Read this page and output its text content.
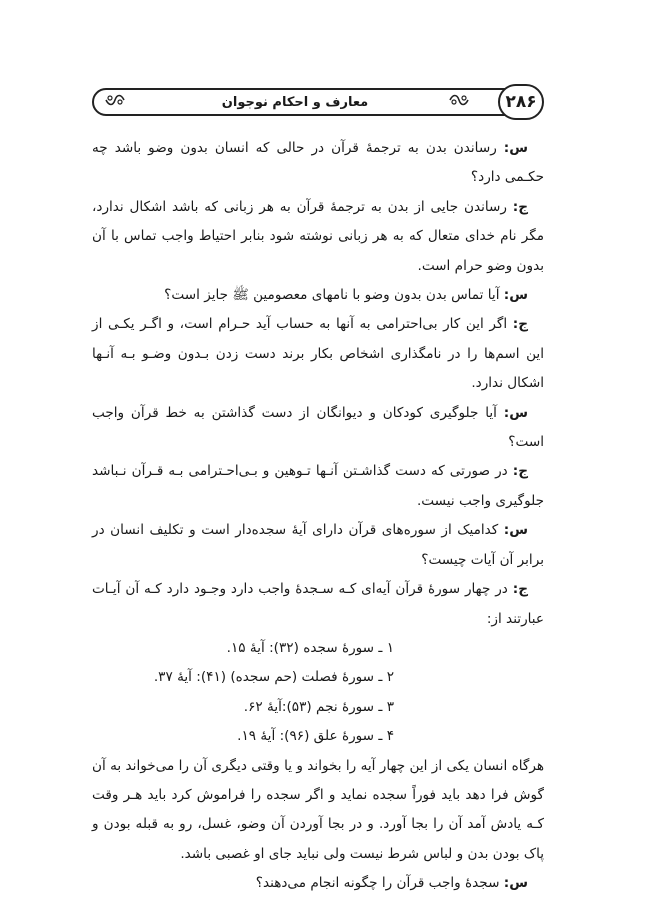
۲۸۶
معارف و احکام نوجوان

س: رساندن بدن به ترجمهٔ قرآن در حالی که انسان بدون وضو باشد چه حکـمی دارد؟

ج: رساندن جایی از بدن به ترجمهٔ قرآن به هر زبانی که باشد اشکال ندارد، مگر نام خدای متعال که به هر زبانی نوشته شود بنابر احتیاط واجب تماس با آن بدون وضو حرام است.

س: آیا تماس بدن بدون وضو با نامهای معصومین ﷺ جایز است؟

ج: اگر این کار بی‌احترامی به آنها به حساب آید حـرام است، و اگـر یکـی از این اسم‌ها را در نامگذاری اشخاص بکار برند دست زدن بـدون وضـو بـه آنـها اشکال ندارد.

س: آیا جلوگیری کودکان و دیوانگان از دست گذاشتن به خط قرآن واجب است؟

ج: در صورتی که دست گذاشـتن آنـها تـوهین و بـی‌احـترامی بـه قـرآن نـباشد جلوگیری واجب نیست.

س: کدامیک از سوره‌های قرآن دارای آیهٔ سجده‌دار است و تکلیف انسان در برابر آن آیات چیست؟

ج: در چهار سورهٔ قرآن آیه‌ای کـه سـجدهٔ واجب دارد وجـود دارد کـه آن آیـات عبارتند از:

۱ ـ سورهٔ سجده (۳۲): آیهٔ ۱۵.
۲ ـ سورهٔ فصلت (حم سجده) (۴۱): آیهٔ ۳۷.
۳ ـ سورهٔ نجم (۵۳):آیهٔ ۶۲.
۴ ـ سورهٔ علق (۹۶): آیهٔ ۱۹.

هرگاه انسان یکی از این چهار آیه را بخواند و یا وقتی دیگری آن را می‌خواند به آن گوش فرا دهد باید فوراً سجده نماید و اگر سجده را فراموش کرد باید هـر وقت کـه یادش آمد آن را بجا آورد. و در بجا آوردن آن وضو، غسل، رو به قبله بودن و پاک بودن بدن و لباس شرط نیست ولی نباید جای او غصبی باشد.

س: سجدهٔ واجب قرآن را چگونه انجام می‌دهند؟
